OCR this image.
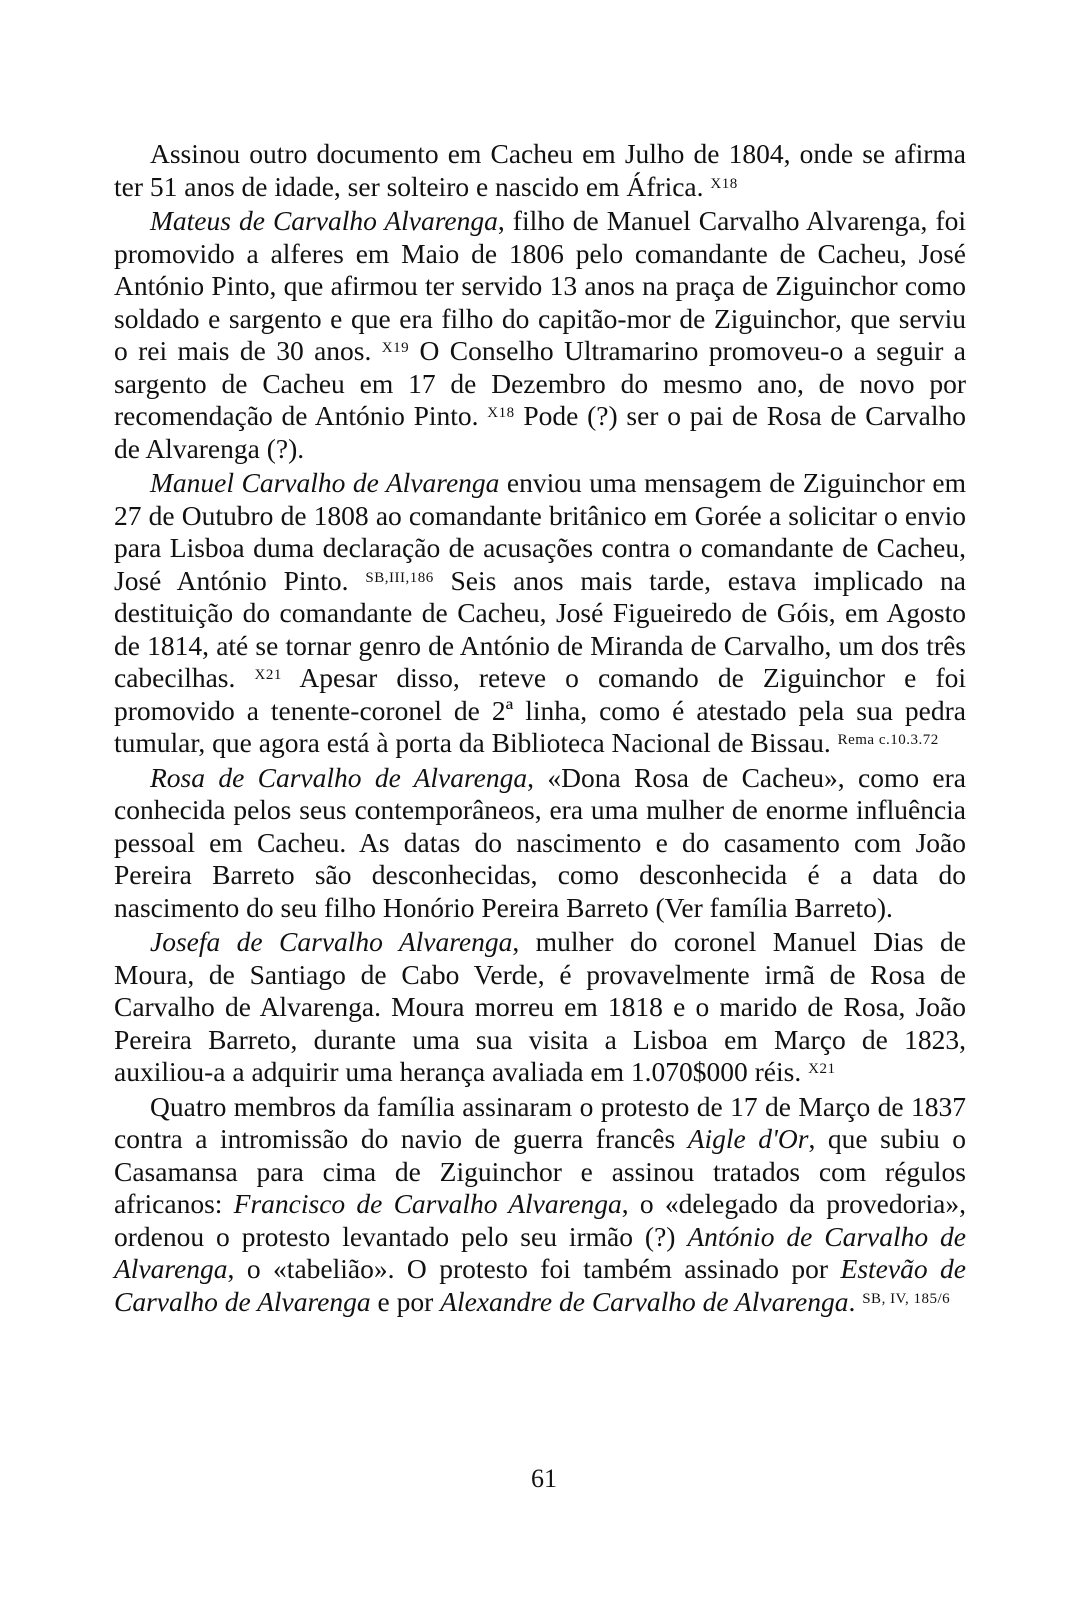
Assinou outro documento em Cacheu em Julho de 1804, onde se afirma ter 51 anos de idade, ser solteiro e nascido em África. $^{X18}$

Mateus de Carvalho Alvarenga, filho de Manuel Carvalho Alvarenga, foi promovido a alferes em Maio de 1806 pelo comandante de Cacheu, José António Pinto, que afirmou ter servido 13 anos na praça de Ziguinchor como soldado e sargento e que era filho do capitão-mor de Ziguinchor, que serviu o rei mais de 30 anos. $^{X19}$ O Conselho Ultramarino promoveu-o a seguir a sargento de Cacheu em 17 de Dezembro do mesmo ano, de novo por recomendação de António Pinto. $^{X18}$ Pode (?) ser o pai de Rosa de Carvalho de Alvarenga (?).

Manuel Carvalho de Alvarenga enviou uma mensagem de Ziguinchor em 27 de Outubro de 1808 ao comandante britânico em Gorée a solicitar o envio para Lisboa duma declaração de acusações contra o comandante de Cacheu, José António Pinto. $^{SB,III,186}$ Seis anos mais tarde, estava implicado na destituição do comandante de Cacheu, José Figueiredo de Góis, em Agosto de 1814, até se tornar genro de António de Miranda de Carvalho, um dos três cabecilhas. $^{X21}$ Apesar disso, reteve o comando de Ziguinchor e foi promovido a tenente-coronel de 2ª linha, como é atestado pela sua pedra tumular, que agora está à porta da Biblioteca Nacional de Bissau. $^{Rema c.10.3.72}$

Rosa de Carvalho de Alvarenga, «Dona Rosa de Cacheu», como era conhecida pelos seus contemporâneos, era uma mulher de enorme influência pessoal em Cacheu. As datas do nascimento e do casamento com João Pereira Barreto são desconhecidas, como desconhecida é a data do nascimento do seu filho Honório Pereira Barreto (Ver família Barreto).

Josefa de Carvalho Alvarenga, mulher do coronel Manuel Dias de Moura, de Santiago de Cabo Verde, é provavelmente irmã de Rosa de Carvalho de Alvarenga. Moura morreu em 1818 e o marido de Rosa, João Pereira Barreto, durante uma sua visita a Lisboa em Março de 1823, auxiliou-a a adquirir uma herança avaliada em 1.070$000 réis. $^{X21}$

Quatro membros da família assinaram o protesto de 17 de Março de 1837 contra a intromissão do navio de guerra francês Aigle d'Or, que subiu o Casamansa para cima de Ziguinchor e assinou tratados com régulos africanos: Francisco de Carvalho Alvarenga, o «delegado da provedoria», ordenou o protesto levantado pelo seu irmão (?) António de Carvalho de Alvarenga, o «tabelião». O protesto foi também assinado por Estevão de Carvalho de Alvarenga e por Alexandre de Carvalho de Alvarenga. $^{SB, IV, 185/6}$

61
